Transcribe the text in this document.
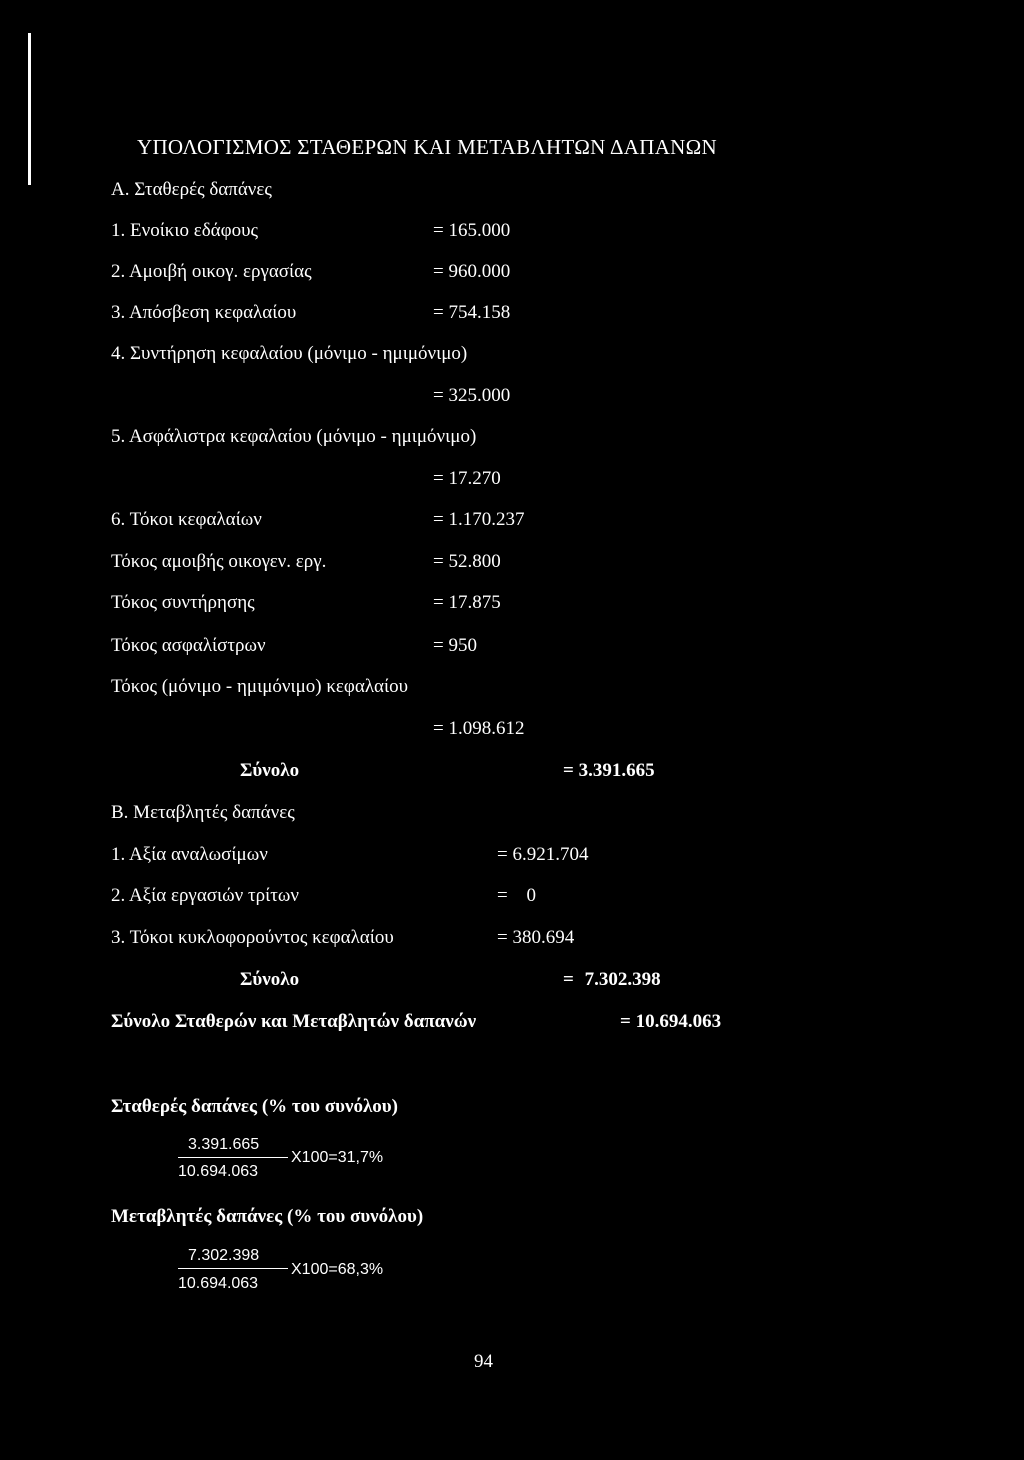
ΥΠΟΛΟΓΙΣΜΟΣ ΣΤΑΘΕΡΩΝ ΚΑΙ ΜΕΤΑΒΛΗΤΩΝ ΔΑΠΑΝΩΝ
Α. Σταθερές δαπάνες
1. Ενοίκιο εδάφους	= 165.000
2. Αμοιβή οικογ. εργασίας	= 960.000
3. Απόσβεση κεφαλαίου	= 754.158
4. Συντήρηση κεφαλαίου (μόνιμο - ημιμόνιμο)
= 325.000
5. Ασφάλιστρα κεφαλαίου (μόνιμο - ημιμόνιμο)
= 17.270
6. Τόκοι κεφαλαίων	= 1.170.237
Τόκος αμοιβής οικογεν. εργ.	= 52.800
Τόκος συντήρησης	= 17.875
Τόκος ασφαλίστρων	= 950
Τόκος (μόνιμο - ημιμόνιμο) κεφαλαίου
= 1.098.612
Σύνολο	= 3.391.665
Β. Μεταβλητές δαπάνες
1. Αξία αναλωσίμων	= 6.921.704
2. Αξία εργασιών τρίτων	= 0
3. Τόκοι κυκλοφορούντος κεφαλαίου	= 380.694
Σύνολο	= 7.302.398
Σύνολο Σταθερών και Μεταβλητών δαπανών	= 10.694.063
Σταθερές δαπάνες (% του συνόλου)
3.391.665
10.694.063
Χ100=31,7%
Μεταβλητές δαπάνες (% του συνόλου)
7.302.398
10.694.063
Χ100=68,3%
94
